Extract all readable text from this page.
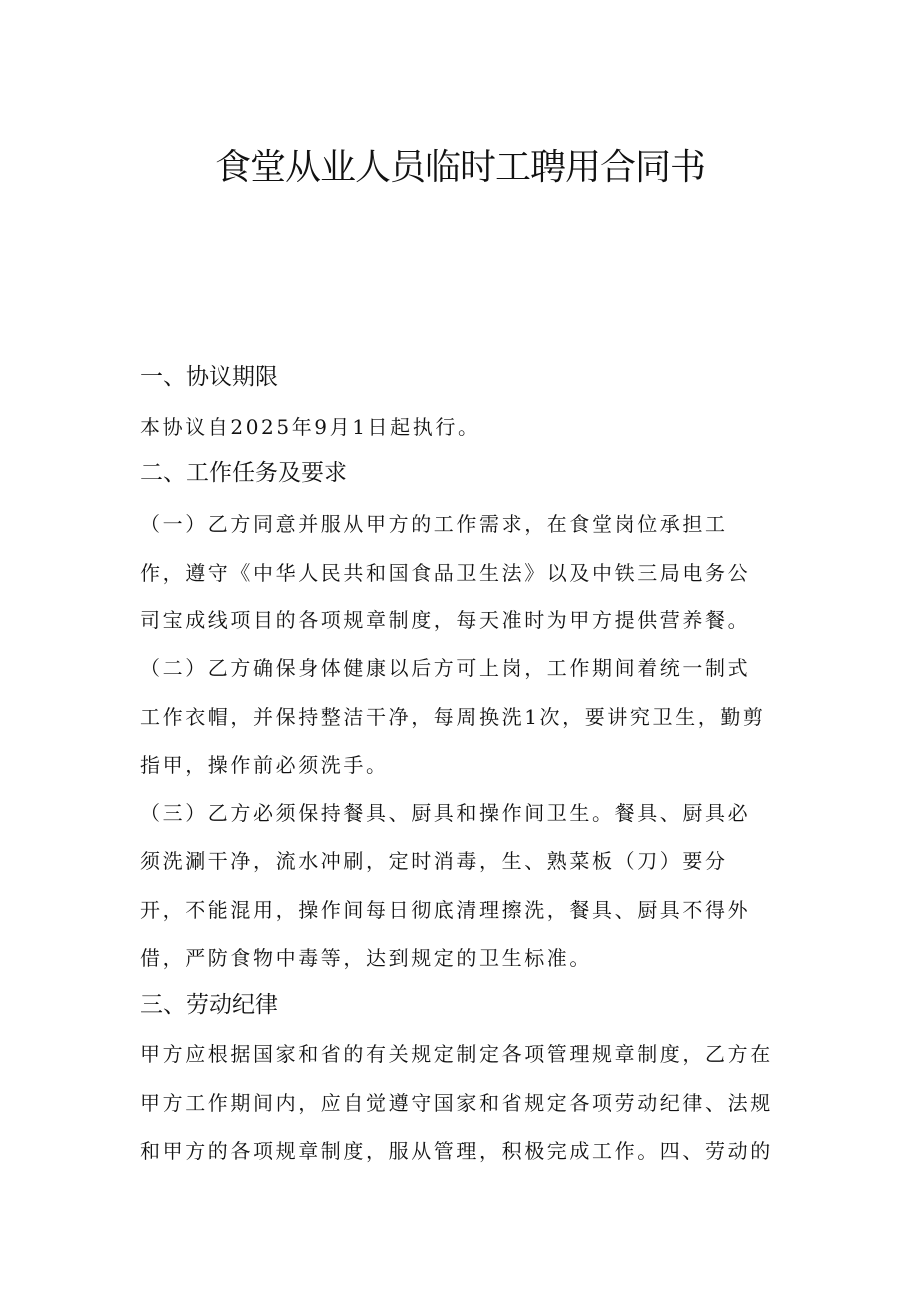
食堂从业人员临时工聘用合同书
一、协议期限
本协议自2025年9月1日起执行。
二、工作任务及要求
（一）乙方同意并服从甲方的工作需求，在食堂岗位承担工
作，遵守《中华人民共和国食品卫生法》以及中铁三局电务公
司宝成线项目的各项规章制度，每天准时为甲方提供营养餐。
（二）乙方确保身体健康以后方可上岗，工作期间着统一制式
工作衣帽，并保持整洁干净，每周换洗1次，要讲究卫生，勤剪
指甲，操作前必须洗手。
（三）乙方必须保持餐具、厨具和操作间卫生。餐具、厨具必
须洗涮干净，流水冲刷，定时消毒，生、熟菜板（刀）要分
开，不能混用，操作间每日彻底清理擦洗，餐具、厨具不得外
借，严防食物中毒等，达到规定的卫生标准。
三、劳动纪律
甲方应根据国家和省的有关规定制定各项管理规章制度，乙方在
甲方工作期间内，应自觉遵守国家和省规定各项劳动纪律、法规
和甲方的各项规章制度，服从管理，积极完成工作。四、劳动的
